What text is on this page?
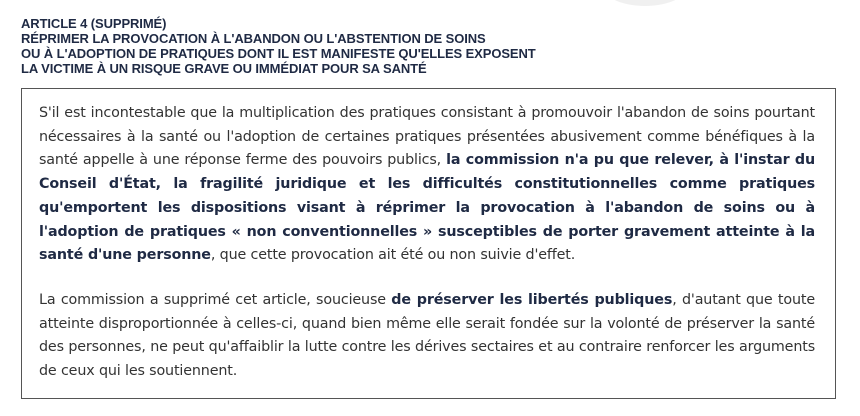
ARTICLE 4 (SUPPRIMÉ)
RÉPRIMER LA PROVOCATION À L'ABANDON OU L'ABSTENTION DE SOINS
OU À L'ADOPTION DE PRATIQUES DONT IL EST MANIFESTE QU'ELLES EXPOSENT
LA VICTIME À UN RISQUE GRAVE OU IMMÉDIAT POUR SA SANTÉ

S'il est incontestable que la multiplication des pratiques consistant à promouvoir l'abandon de soins pourtant nécessaires à la santé ou l'adoption de certaines pratiques présentées abusivement comme bénéfiques à la santé appelle à une réponse ferme des pouvoirs publics, la commission n'a pu que relever, à l'instar du Conseil d'État, la fragilité juridique et les difficultés constitutionnelles comme pratiques qu'emportent les dispositions visant à réprimer la provocation à l'abandon de soins ou à l'adoption de pratiques « non conventionnelles » susceptibles de porter gravement atteinte à la santé d'une personne, que cette provocation ait été ou non suivie d'effet.

La commission a supprimé cet article, soucieuse de préserver les libertés publiques, d'autant que toute atteinte disproportionnée à celles-ci, quand bien même elle serait fondée sur la volonté de préserver la santé des personnes, ne peut qu'affaiblir la lutte contre les dérives sectaires et au contraire renforcer les arguments de ceux qui les soutiennent.
